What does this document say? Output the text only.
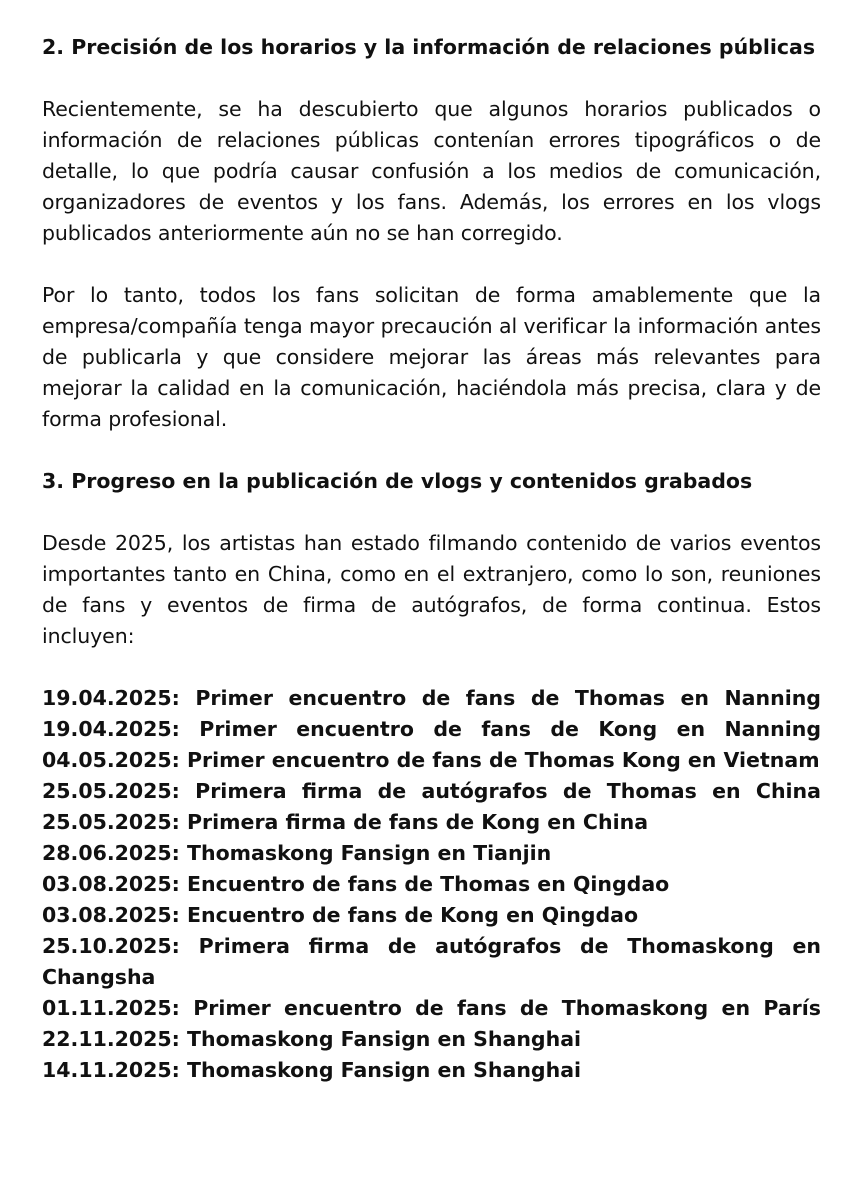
2. Precisión de los horarios y la información de relaciones públicas

Recientemente, se ha descubierto que algunos horarios publicados o información de relaciones públicas contenían errores tipográficos o de detalle, lo que podría causar confusión a los medios de comunicación, organizadores de eventos y los fans. Además, los errores en los vlogs publicados anteriormente aún no se han corregido.

Por lo tanto, todos los fans solicitan de forma amablemente que la empresa/compañía tenga mayor precaución al verificar la información antes de publicarla y que considere mejorar las áreas más relevantes para mejorar la calidad en la comunicación, haciéndola más precisa, clara y de forma profesional.

3. Progreso en la publicación de vlogs y contenidos grabados

Desde 2025, los artistas han estado filmando contenido de varios eventos importantes tanto en China, como en el extranjero, como lo son, reuniones de fans y eventos de firma de autógrafos, de forma continua. Estos incluyen:

19.04.2025: Primer encuentro de fans de Thomas en Nanning
19.04.2025: Primer encuentro de fans de Kong en Nanning
04.05.2025: Primer encuentro de fans de Thomas Kong en Vietnam
25.05.2025: Primera firma de autógrafos de Thomas en China
25.05.2025: Primera firma de fans de Kong en China
28.06.2025: Thomaskong Fansign en Tianjin
03.08.2025: Encuentro de fans de Thomas en Qingdao
03.08.2025: Encuentro de fans de Kong en Qingdao
25.10.2025: Primera firma de autógrafos de Thomaskong en Changsha
01.11.2025: Primer encuentro de fans de Thomaskong en París
22.11.2025: Thomaskong Fansign en Shanghai
14.11.2025: Thomaskong Fansign en Shanghai
